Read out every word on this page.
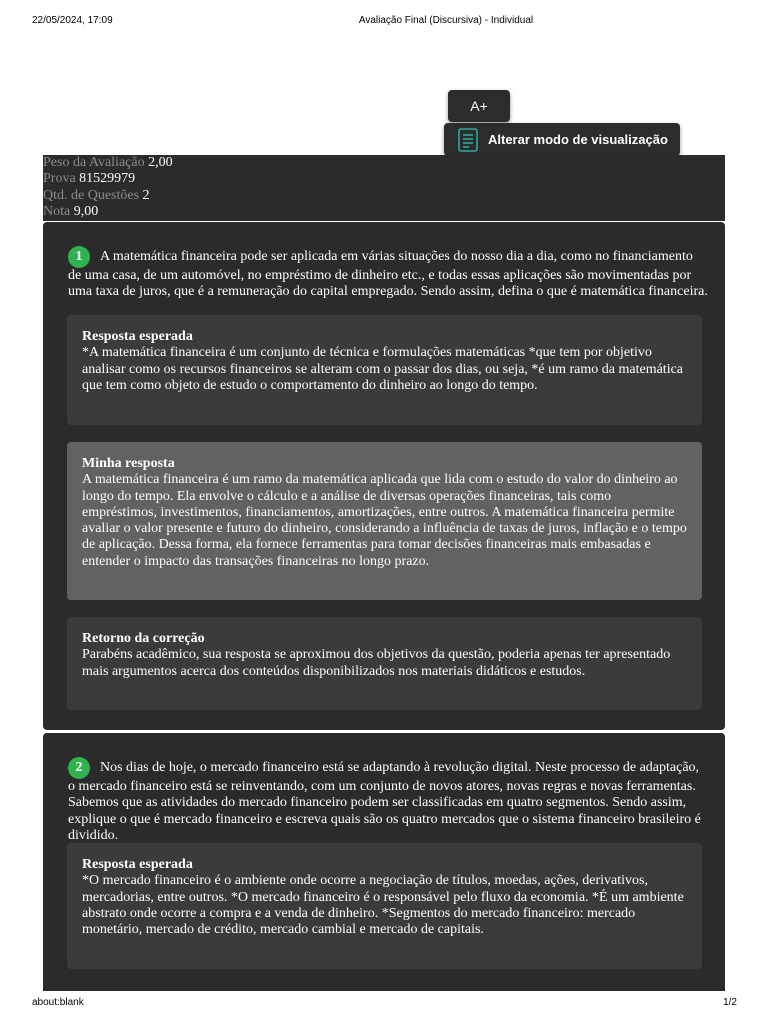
22/05/2024, 17:09	Avaliação Final (Discursiva) - Individual
A+
Alterar modo de visualização
Peso da Avaliação 2,00
Prova 81529979
Qtd. de Questões 2
Nota 9,00
1 A matemática financeira pode ser aplicada em várias situações do nosso dia a dia, como no financiamento de uma casa, de um automóvel, no empréstimo de dinheiro etc., e todas essas aplicações são movimentadas por uma taxa de juros, que é a remuneração do capital empregado. Sendo assim, defina o que é matemática financeira.
Resposta esperada
*A matemática financeira é um conjunto de técnica e formulações matemáticas *que tem por objetivo analisar como os recursos financeiros se alteram com o passar dos dias, ou seja, *é um ramo da matemática que tem como objeto de estudo o comportamento do dinheiro ao longo do tempo.
Minha resposta
A matemática financeira é um ramo da matemática aplicada que lida com o estudo do valor do dinheiro ao longo do tempo. Ela envolve o cálculo e a análise de diversas operações financeiras, tais como empréstimos, investimentos, financiamentos, amortizações, entre outros. A matemática financeira permite avaliar o valor presente e futuro do dinheiro, considerando a influência de taxas de juros, inflação e o tempo de aplicação. Dessa forma, ela fornece ferramentas para tomar decisões financeiras mais embasadas e entender o impacto das transações financeiras no longo prazo.
Retorno da correção
Parabéns acadêmico, sua resposta se aproximou dos objetivos da questão, poderia apenas ter apresentado mais argumentos acerca dos conteúdos disponibilizados nos materiais didáticos e estudos.
2 Nos dias de hoje, o mercado financeiro está se adaptando à revolução digital. Neste processo de adaptação, o mercado financeiro está se reinventando, com um conjunto de novos atores, novas regras e novas ferramentas. Sabemos que as atividades do mercado financeiro podem ser classificadas em quatro segmentos. Sendo assim, explique o que é mercado financeiro e escreva quais são os quatro mercados que o sistema financeiro brasileiro é dividido.
Resposta esperada
*O mercado financeiro é o ambiente onde ocorre a negociação de títulos, moedas, ações, derivativos, mercadorias, entre outros. *O mercado financeiro é o responsável pelo fluxo da economia. *É um ambiente abstrato onde ocorre a compra e a venda de dinheiro. *Segmentos do mercado financeiro: mercado monetário, mercado de crédito, mercado cambial e mercado de capitais.
about:blank	1/2
